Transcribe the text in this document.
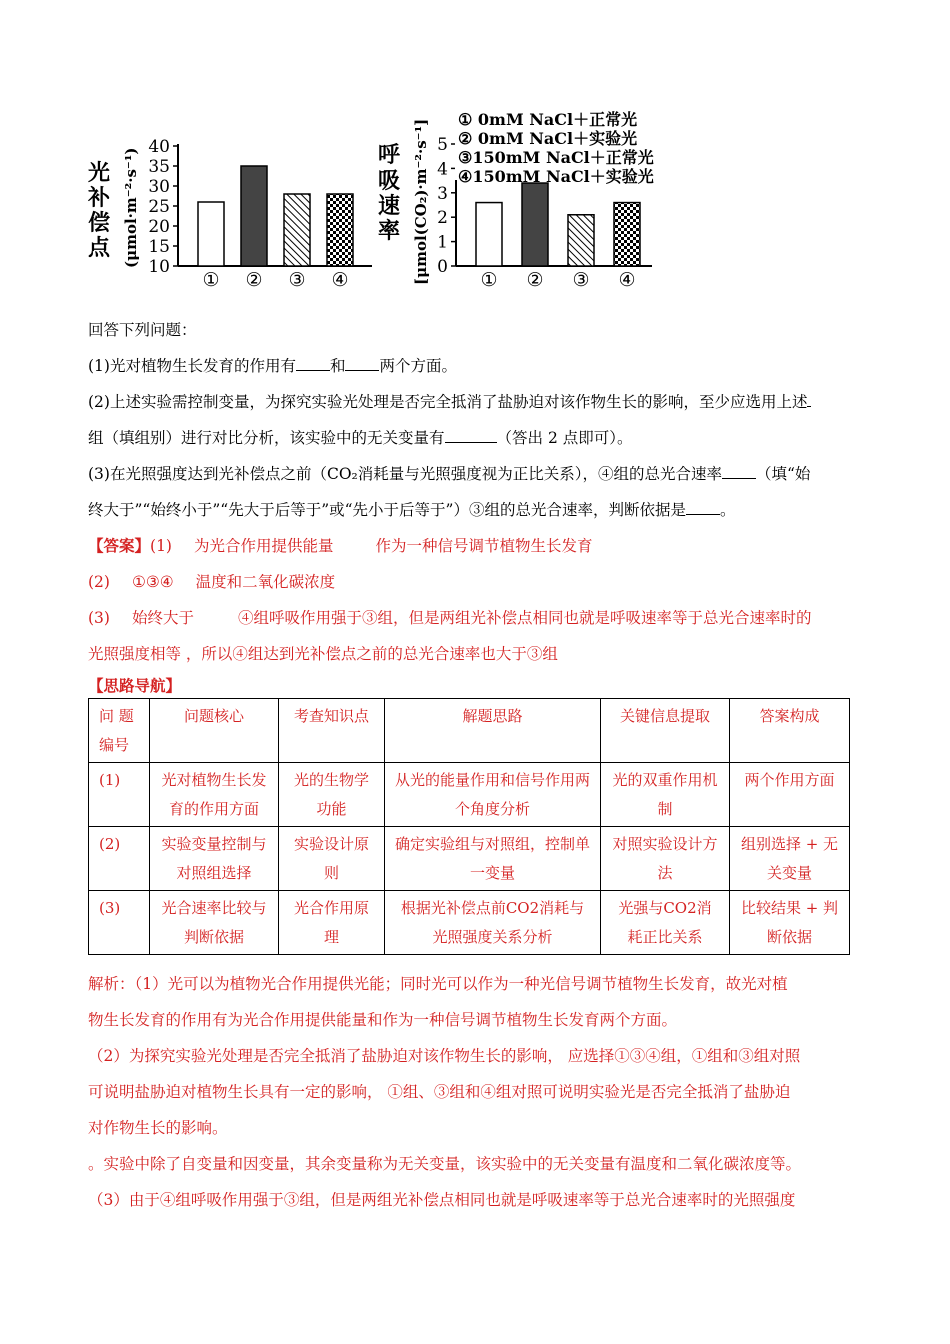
光
补
偿
点 (μmol·m⁻²·s⁻¹) 10
15
20
25
30
35
40
① ② ③ ④
呼
吸
速
率 [μmol(CO₂)·m⁻²·s⁻¹] 0
1
2
3
4
5
① ② ③ ④
① 0mM NaCl＋正常光
② 0mM NaCl＋实验光
③150mM NaCl＋正常光
④150mM NaCl＋实验光
回答下列问题：
(1)光对植物生长发育的作用有 和 两个方面。
(2)上述实验需控制变量，为探究实验光处理是否完全抵消了盐胁迫对该作物生长的影响，至少应选用上述
组（填组别）进行对比分析，该实验中的无关变量有	（答出 2 点即可）。
(3)在光照强度达到光补偿点之前（CO₂消耗量与光照强度视为正比关系），④组的总光合速率 （填“始
终大于”“始终小于”“先大于后等于”或“先小于后等于”）③组的总光合速率，判断依据是 。
【答案】(1) 为光合作用提供能量	作为一种信号调节植物生长发育
(2) ①③④ 温度和二氧化碳浓度
(3) 始终大于	④组呼吸作用强于③组，但是两组光补偿点相同也就是呼吸速率等于总光合速率时的
光照强度相等 ，所以④组达到光补偿点之前的总光合速率也大于③组
【思路导航】
问 题编号	问题核心	考查知识点	解题思路	关键信息提取	答案构成
(1)	光对植物生长发育的作用方面	光的生物学功能	从光的能量作用和信号作用两个角度分析	光的双重作用机制	两个作用方面
(2)	实验变量控制与对照组选择	实验设计原则	确定实验组与对照组，控制单一变量	对照实验设计方法	组别选择 + 无关变量
(3)	光合速率比较与判断依据	光合作用原理	根据光补偿点前CO2消耗与光照强度关系分析	光强与CO2消耗正比关系	比较结果 + 判断依据
解析：（1）光可以为植物光合作用提供光能；同时光可以作为一种光信号调节植物生长发育，故光对植
物生长发育的作用有为光合作用提供能量和作为一种信号调节植物生长发育两个方面。
（2）为探究实验光处理是否完全抵消了盐胁迫对该作物生长的影响， 应选择①③④组，①组和③组对照
可说明盐胁迫对植物生长具有一定的影响， ①组、③组和④组对照可说明实验光是否完全抵消了盐胁迫
对作物生长的影响。
。实验中除了自变量和因变量，其余变量称为无关变量，该实验中的无关变量有温度和二氧化碳浓度等。
（3）由于④组呼吸作用强于③组，但是两组光补偿点相同也就是呼吸速率等于总光合速率时的光照强度
